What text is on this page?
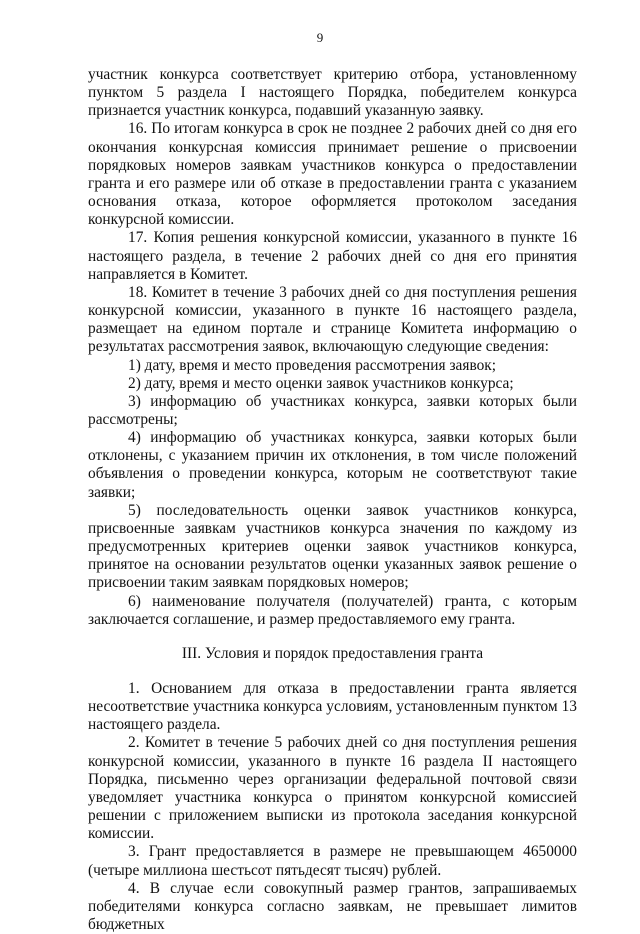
9

участник конкурса соответствует критерию отбора, установленному пунктом 5 раздела I настоящего Порядка, победителем конкурса признается участник конкурса, подавший указанную заявку.

16. По итогам конкурса в срок не позднее 2 рабочих дней со дня его окончания конкурсная комиссия принимает решение о присвоении порядковых номеров заявкам участников конкурса о предоставлении гранта и его размере или об отказе в предоставлении гранта с указанием основания отказа, которое оформляется протоколом заседания конкурсной комиссии.

17. Копия решения конкурсной комиссии, указанного в пункте 16 настоящего раздела, в течение 2 рабочих дней со дня его принятия направляется в Комитет.

18. Комитет в течение 3 рабочих дней со дня поступления решения конкурсной комиссии, указанного в пункте 16 настоящего раздела, размещает на едином портале и странице Комитета информацию о результатах рассмотрения заявок, включающую следующие сведения:

1) дату, время и место проведения рассмотрения заявок;

2) дату, время и место оценки заявок участников конкурса;

3) информацию об участниках конкурса, заявки которых были рассмотрены;

4) информацию об участниках конкурса, заявки которых были отклонены, с указанием причин их отклонения, в том числе положений объявления о проведении конкурса, которым не соответствуют такие заявки;

5) последовательность оценки заявок участников конкурса, присвоенные заявкам участников конкурса значения по каждому из предусмотренных критериев оценки заявок участников конкурса, принятое на основании результатов оценки указанных заявок решение о присвоении таким заявкам порядковых номеров;

6) наименование получателя (получателей) гранта, с которым заключается соглашение, и размер предоставляемого ему гранта.

III. Условия и порядок предоставления гранта

1. Основанием для отказа в предоставлении гранта является несоответствие участника конкурса условиям, установленным пунктом 13 настоящего раздела.

2. Комитет в течение 5 рабочих дней со дня поступления решения конкурсной комиссии, указанного в пункте 16 раздела II настоящего Порядка, письменно через организации федеральной почтовой связи уведомляет участника конкурса о принятом конкурсной комиссией решении с приложением выписки из протокола заседания конкурсной комиссии.

3. Грант предоставляется в размере не превышающем 4650000 (четыре миллиона шестьсот пятьдесят тысяч) рублей.

4. В случае если совокупный размер грантов, запрашиваемых победителями конкурса согласно заявкам, не превышает лимитов бюджетных
